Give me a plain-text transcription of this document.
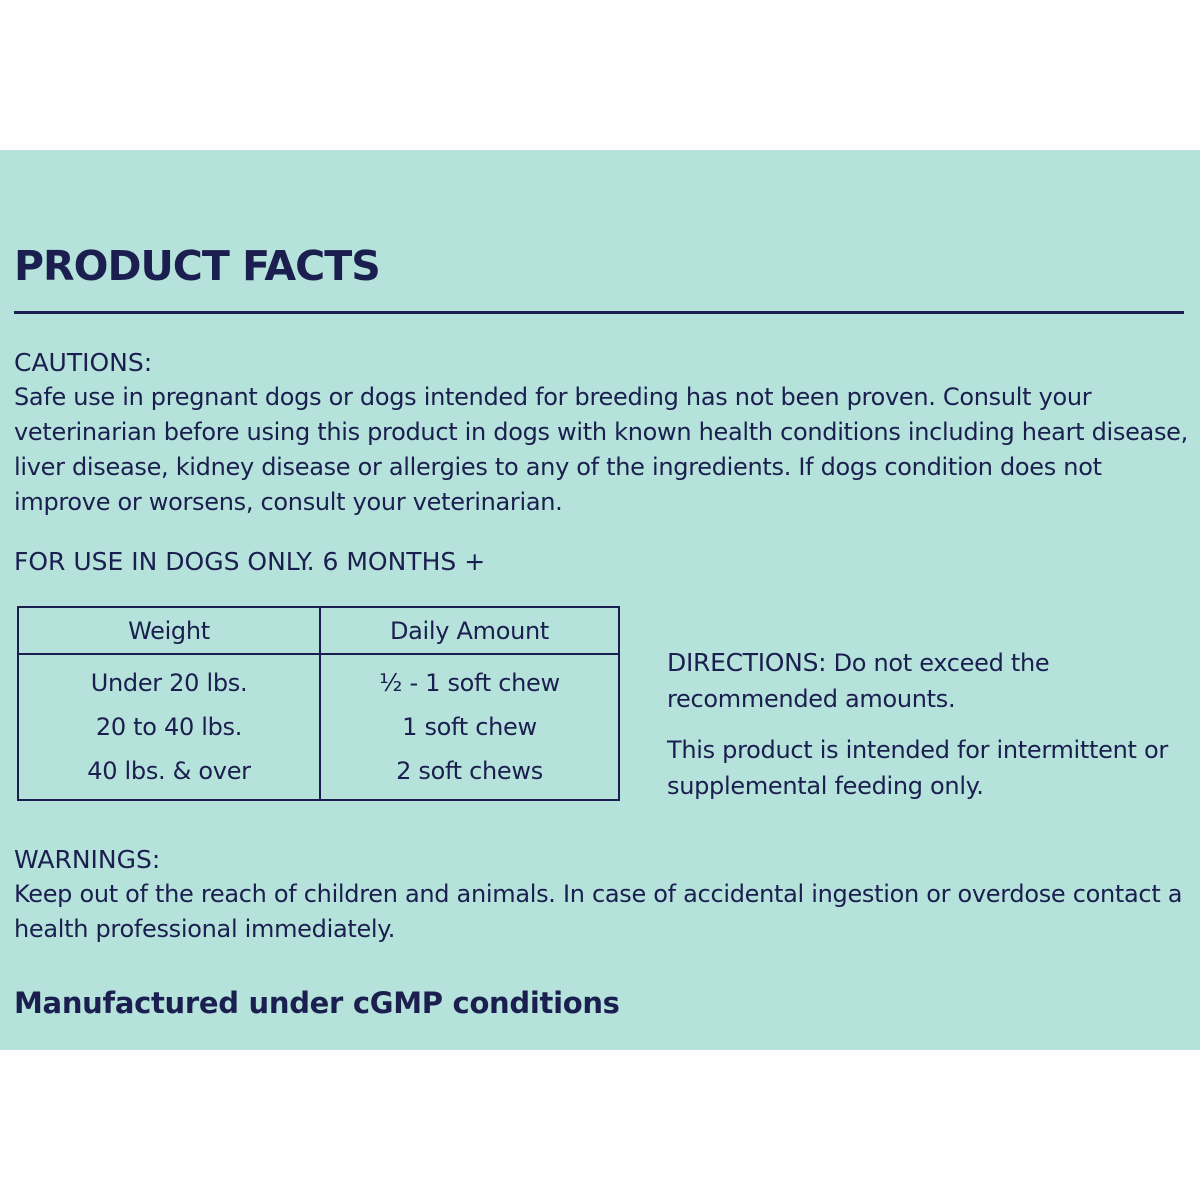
PRODUCT FACTS
CAUTIONS:
Safe use in pregnant dogs or dogs intended for breeding has not been proven. Consult your veterinarian before using this product in dogs with known health conditions including heart disease, liver disease, kidney disease or allergies to any of the ingredients. If dogs condition does not improve or worsens, consult your veterinarian.
FOR USE IN DOGS ONLY. 6 MONTHS +
Weight	Daily Amount
Under 20 lbs.	½ - 1 soft chew
20 to 40 lbs.	1 soft chew
40 lbs. & over	2 soft chews
DIRECTIONS: Do not exceed the recommended amounts.
This product is intended for intermittent or supplemental feeding only.
WARNINGS:
Keep out of the reach of children and animals. In case of accidental ingestion or overdose contact a health professional immediately.
Manufactured under cGMP conditions
